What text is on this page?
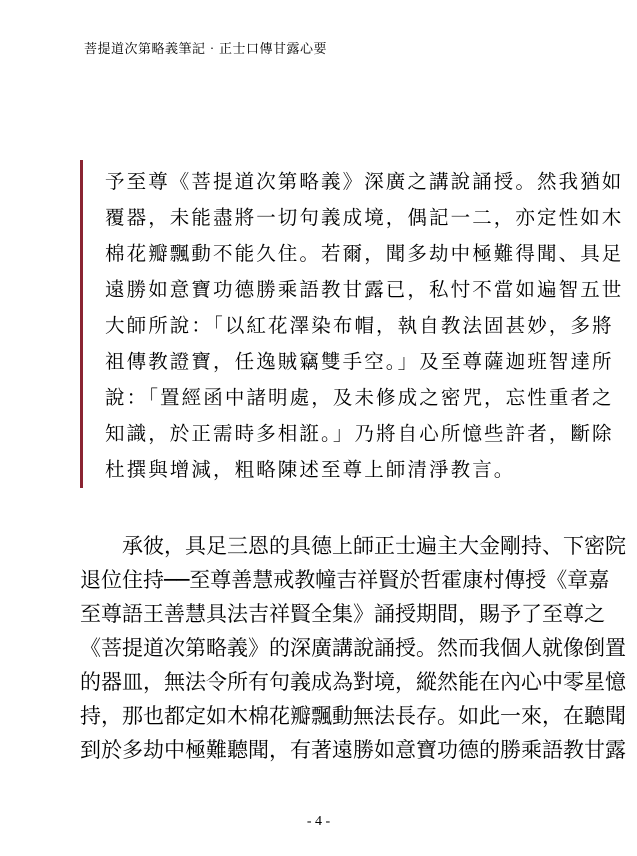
菩提道次第略義筆記‧正士口傳甘露心要
予至尊《菩提道次第略義》深廣之講說誦授。然我猶如
覆器，未能盡將一切句義成境，偶記一二，亦定性如木
棉花瓣飄動不能久住。若爾，聞多劫中極難得聞、具足
遠勝如意寶功德勝乘語教甘露已，私忖不當如遍智五世
大師所說：「以紅花澤染布帽，執自教法固甚妙，多將
祖傳教證寶，任逸賊竊雙手空。」及至尊薩迦班智達所
說：「置經函中諸明處，及未修成之密咒，忘性重者之
知識，於正需時多相誑。」乃將自心所憶些許者，斷除
杜撰與增減，粗略陳述至尊上師清淨教言。
　　承彼，具足三恩的具德上師正士遍主大金剛持、下密院
退位住持──至尊善慧戒教幢吉祥賢於哲霍康村傳授《章嘉
至尊語王善慧具法吉祥賢全集》誦授期間，賜予了至尊之
《菩提道次第略義》的深廣講說誦授。然而我個人就像倒置
的器皿，無法令所有句義成為對境，縱然能在內心中零星憶
持，那也都定如木棉花瓣飄動無法長存。如此一來，在聽聞
到於多劫中極難聽聞，有著遠勝如意寶功德的勝乘語教甘露
- 4 -
